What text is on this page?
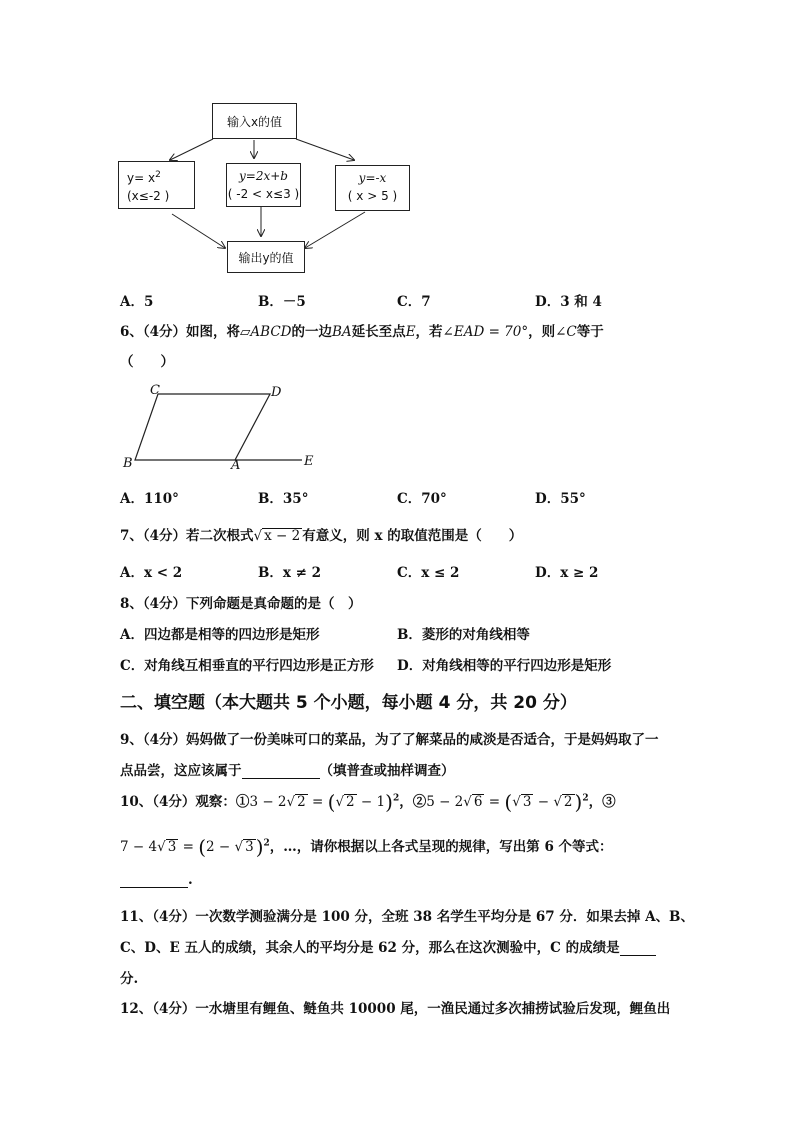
输入x的值
$y= x^2$
(x≤-2 )
y=2x+b
( -2 < x≤3 )
y=-x
( x > 5 )
输出y的值
A．5	B．－5	C．7	D．3 和 4
6、（4分）如图，将▱ABCD的一边BA延长至点E，若∠EAD = 70°，则∠C等于
（　　）
C	D
B	A	E
A．110°	B．35°	C．70°	D．55°
7、（4分）若二次根式√ x − 2 有意义，则 x 的取值范围是（　　）
A．x < 2	B．x ≠ 2	C．x ≤ 2	D．x ≥ 2
8、（4分）下列命题是真命题的是（　）
A．四边都是相等的四边形是矩形	B．菱形的对角线相等
C．对角线互相垂直的平行四边形是正方形 D．对角线相等的平行四边形是矩形
二、填空题（本大题共 5 个小题，每小题 4 分，共 20 分）
9、（4分）妈妈做了一份美味可口的菜品，为了了解菜品的咸淡是否适合，于是妈妈取了一
点品尝，这应该属于	（填普查或抽样调查）
10、（4分）观察：①3 − 2√ 2 = (√ 2 − 1)$^2$，②5 − 2√ 6 = (√ 3 − √ 2 )$^2$，③
7 − 4√ 3 = (2 − √ 3 )$^2$，…，请你根据以上各式呈现的规律，写出第 6 个等式：
.
11、（4分）一次数学测验满分是 100 分，全班 38 名学生平均分是 67 分．如果去掉 A、B、
C、D、E 五人的成绩，其余人的平均分是 62 分，那么在这次测验中，C 的成绩是
分.
12、（4分）一水塘里有鲤鱼、鲢鱼共 10000 尾，一渔民通过多次捕捞试验后发现，鲤鱼出
